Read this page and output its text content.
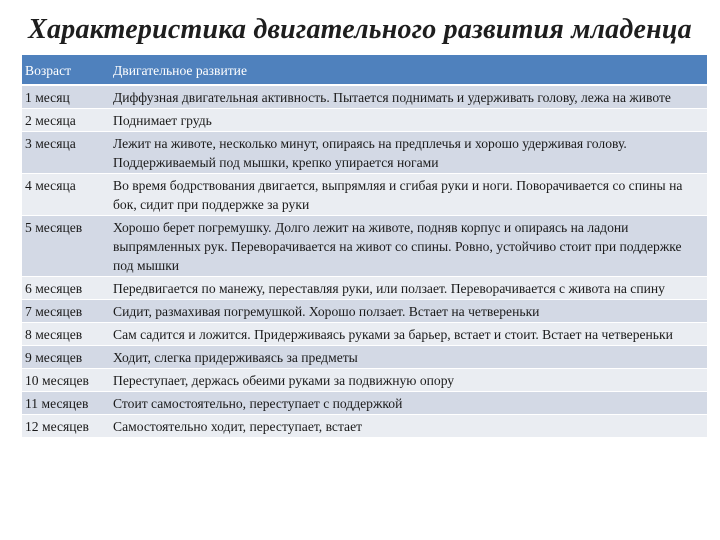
Характеристика двигательного развития младенца
Возраст	Двигательное развитие
1 месяц	Диффузная двигательная активность. Пытается поднимать и удерживать голову, лежа на животе
2 месяца	Поднимает грудь
3 месяца	Лежит на животе, несколько минут, опираясь на предплечья и хорошо удерживая голову. Поддерживаемый под мышки, крепко упирается ногами
4 месяца	Во время бодрствования двигается, выпрямляя и сгибая руки и ноги. Поворачивается со спины на бок, сидит при поддержке за руки
5 месяцев	Хорошо берет погремушку. Долго лежит на животе, подняв корпус и опираясь на ладони выпрямленных рук. Переворачивается на живот со спины. Ровно, устойчиво стоит при поддержке под мышки
6 месяцев	Передвигается по манежу, переставляя руки, или ползает. Переворачивается с живота на спину
7 месяцев	Сидит, размахивая погремушкой. Хорошо ползает. Встает на четвереньки
8 месяцев	Сам садится и ложится. Придерживаясь руками за барьер, встает и стоит. Встает на четвереньки
9 месяцев	Ходит, слегка придерживаясь за предметы
10 месяцев	Переступает, держась обеими руками за подвижную опору
11 месяцев	Стоит самостоятельно, переступает с поддержкой
12 месяцев	Самостоятельно ходит, переступает, встает
